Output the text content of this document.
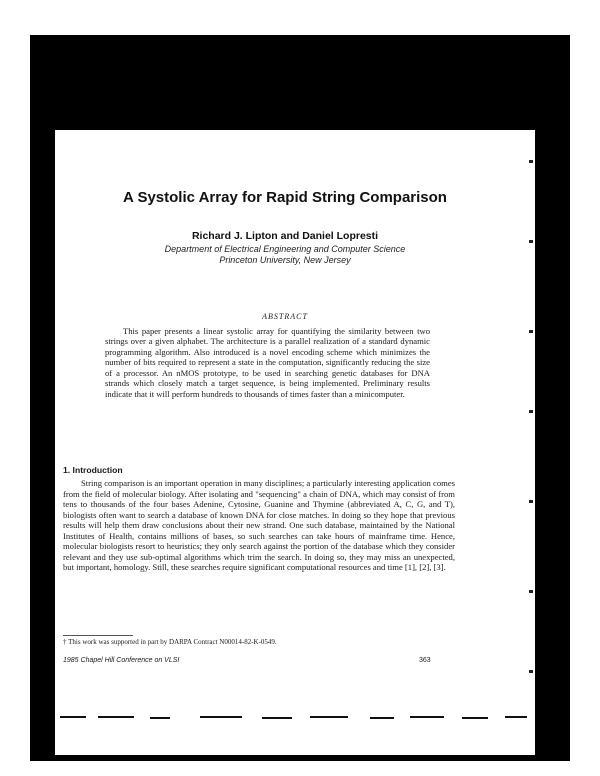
A Systolic Array for Rapid String Comparison
Richard J. Lipton and Daniel Lopresti
Department of Electrical Engineering and Computer Science
Princeton University, New Jersey
ABSTRACT
This paper presents a linear systolic array for quantifying the similarity between two strings over a given alphabet. The architecture is a parallel realization of a standard dynamic programming algorithm. Also introduced is a novel encoding scheme which minimizes the number of bits required to represent a state in the computation, significantly reducing the size of a processor. An nMOS prototype, to be used in searching genetic databases for DNA strands which closely match a target sequence, is being implemented. Preliminary results indicate that it will perform hundreds to thousands of times faster than a minicomputer.
1. Introduction
String comparison is an important operation in many disciplines; a particularly interesting application comes from the field of molecular biology. After isolating and "sequencing" a chain of DNA, which may consist of from tens to thousands of the four bases Adenine, Cytosine, Guanine and Thymine (abbreviated A, C, G, and T), biologists often want to search a database of known DNA for close matches. In doing so they hope that previous results will help them draw conclusions about their new strand. One such database, maintained by the National Institutes of Health, contains millions of bases, so such searches can take hours of mainframe time. Hence, molecular biologists resort to heuristics; they only search against the portion of the database which they consider relevant and they use sub-optimal algorithms which trim the search. In doing so, they may miss an unexpected, but important, homology. Still, these searches require significant computational resources and time [1], [2], [3].
† This work was supported in part by DARPA Contract N00014-82-K-0549.
1985 Chapel Hill Conference on VLSI	363
